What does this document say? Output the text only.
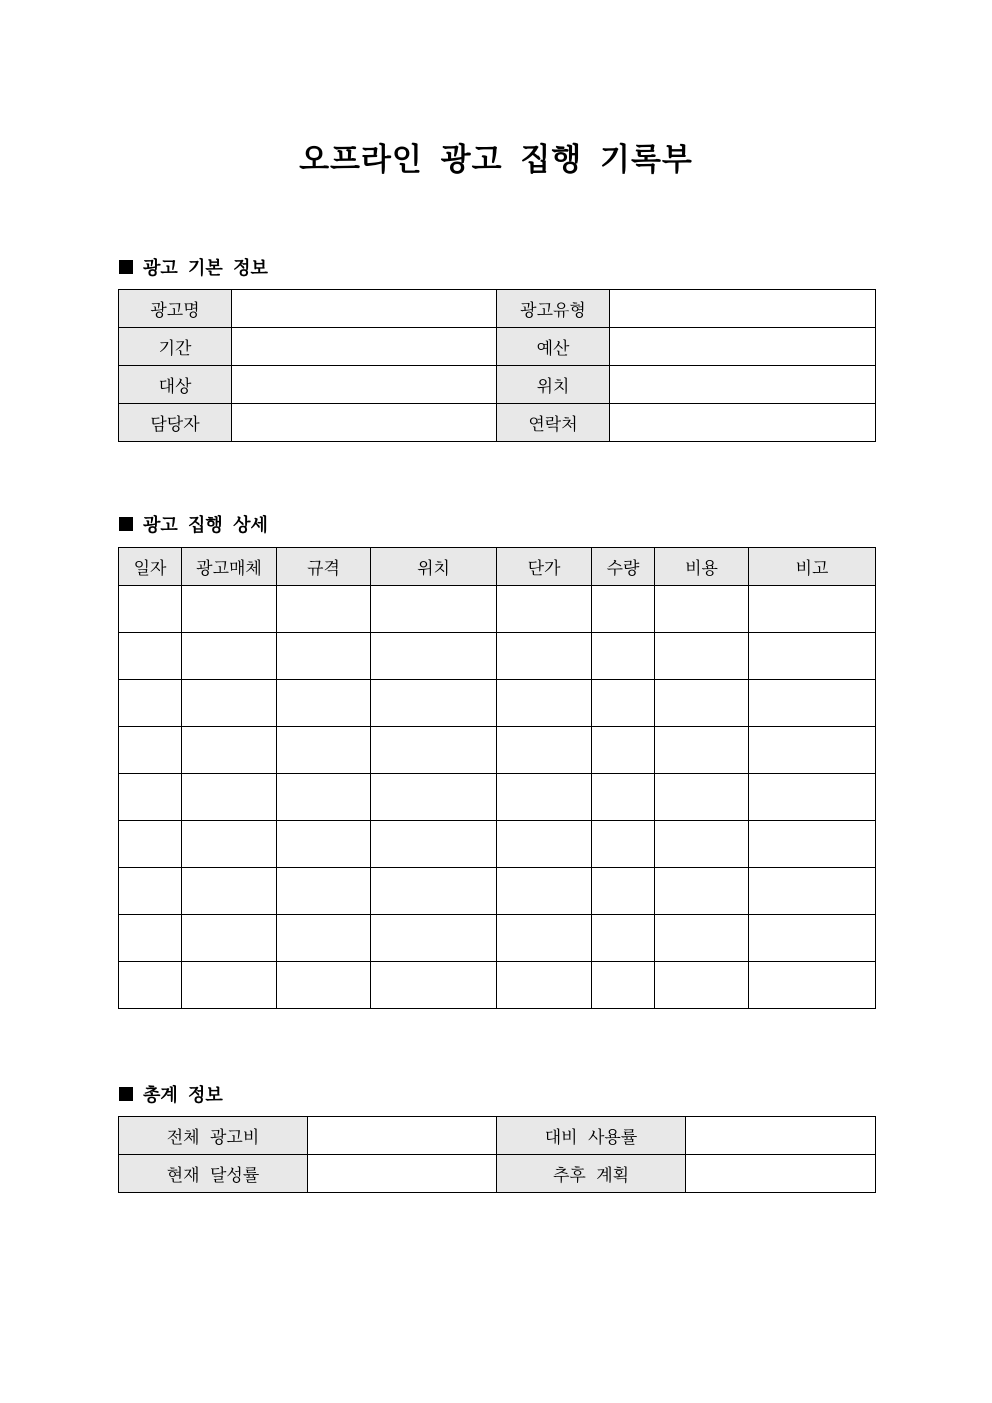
오프라인 광고 집행 기록부
광고 기본 정보
광고명		광고유형	
기간		예산	
대상		위치	
담당자		연락처	
광고 집행 상세
일자	광고매체	규격	위치	단가	수량	비용	비고

총계 정보
전체 광고비		대비 사용률	
현재 달성률		추후 계획	
